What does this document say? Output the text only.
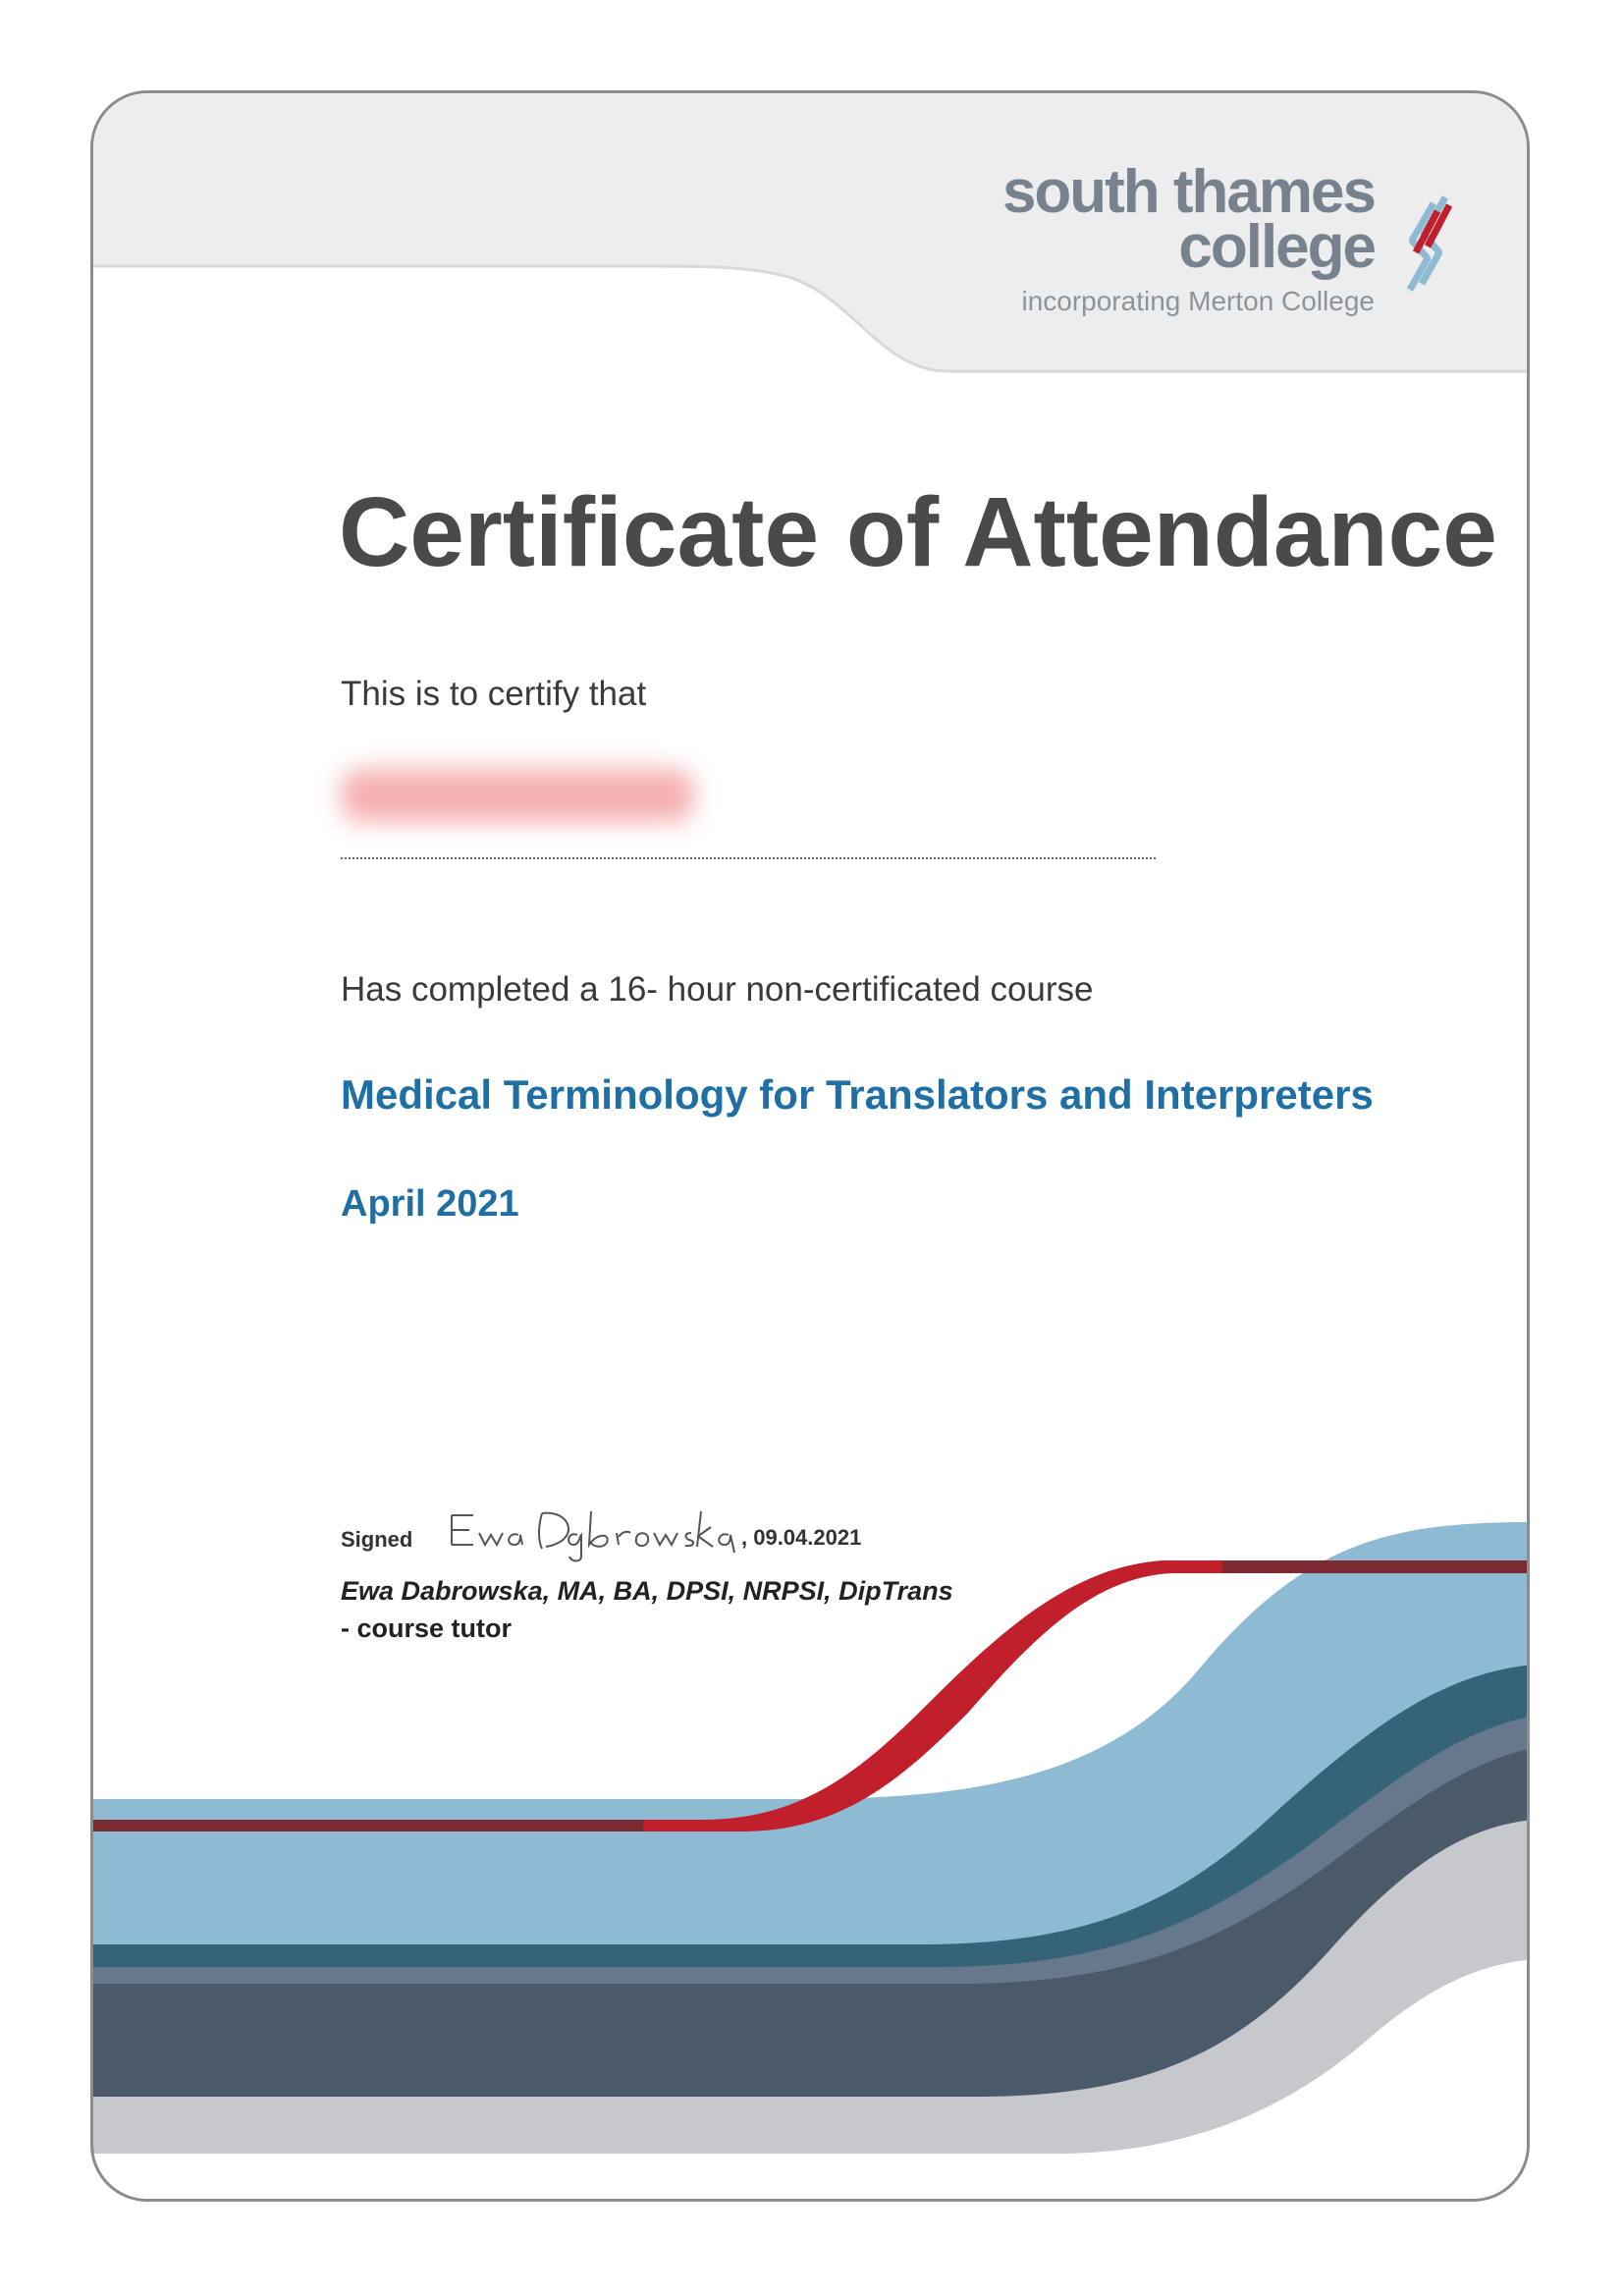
south thames
college
incorporating Merton College
Certificate of Attendance
This is to certify that
Has completed a 16- hour non-certificated course
Medical Terminology for Translators and Interpreters
April 2021
Signed	, 09.04.2021
Ewa Dabrowska, MA, BA, DPSI, NRPSI, DipTrans
- course tutor
